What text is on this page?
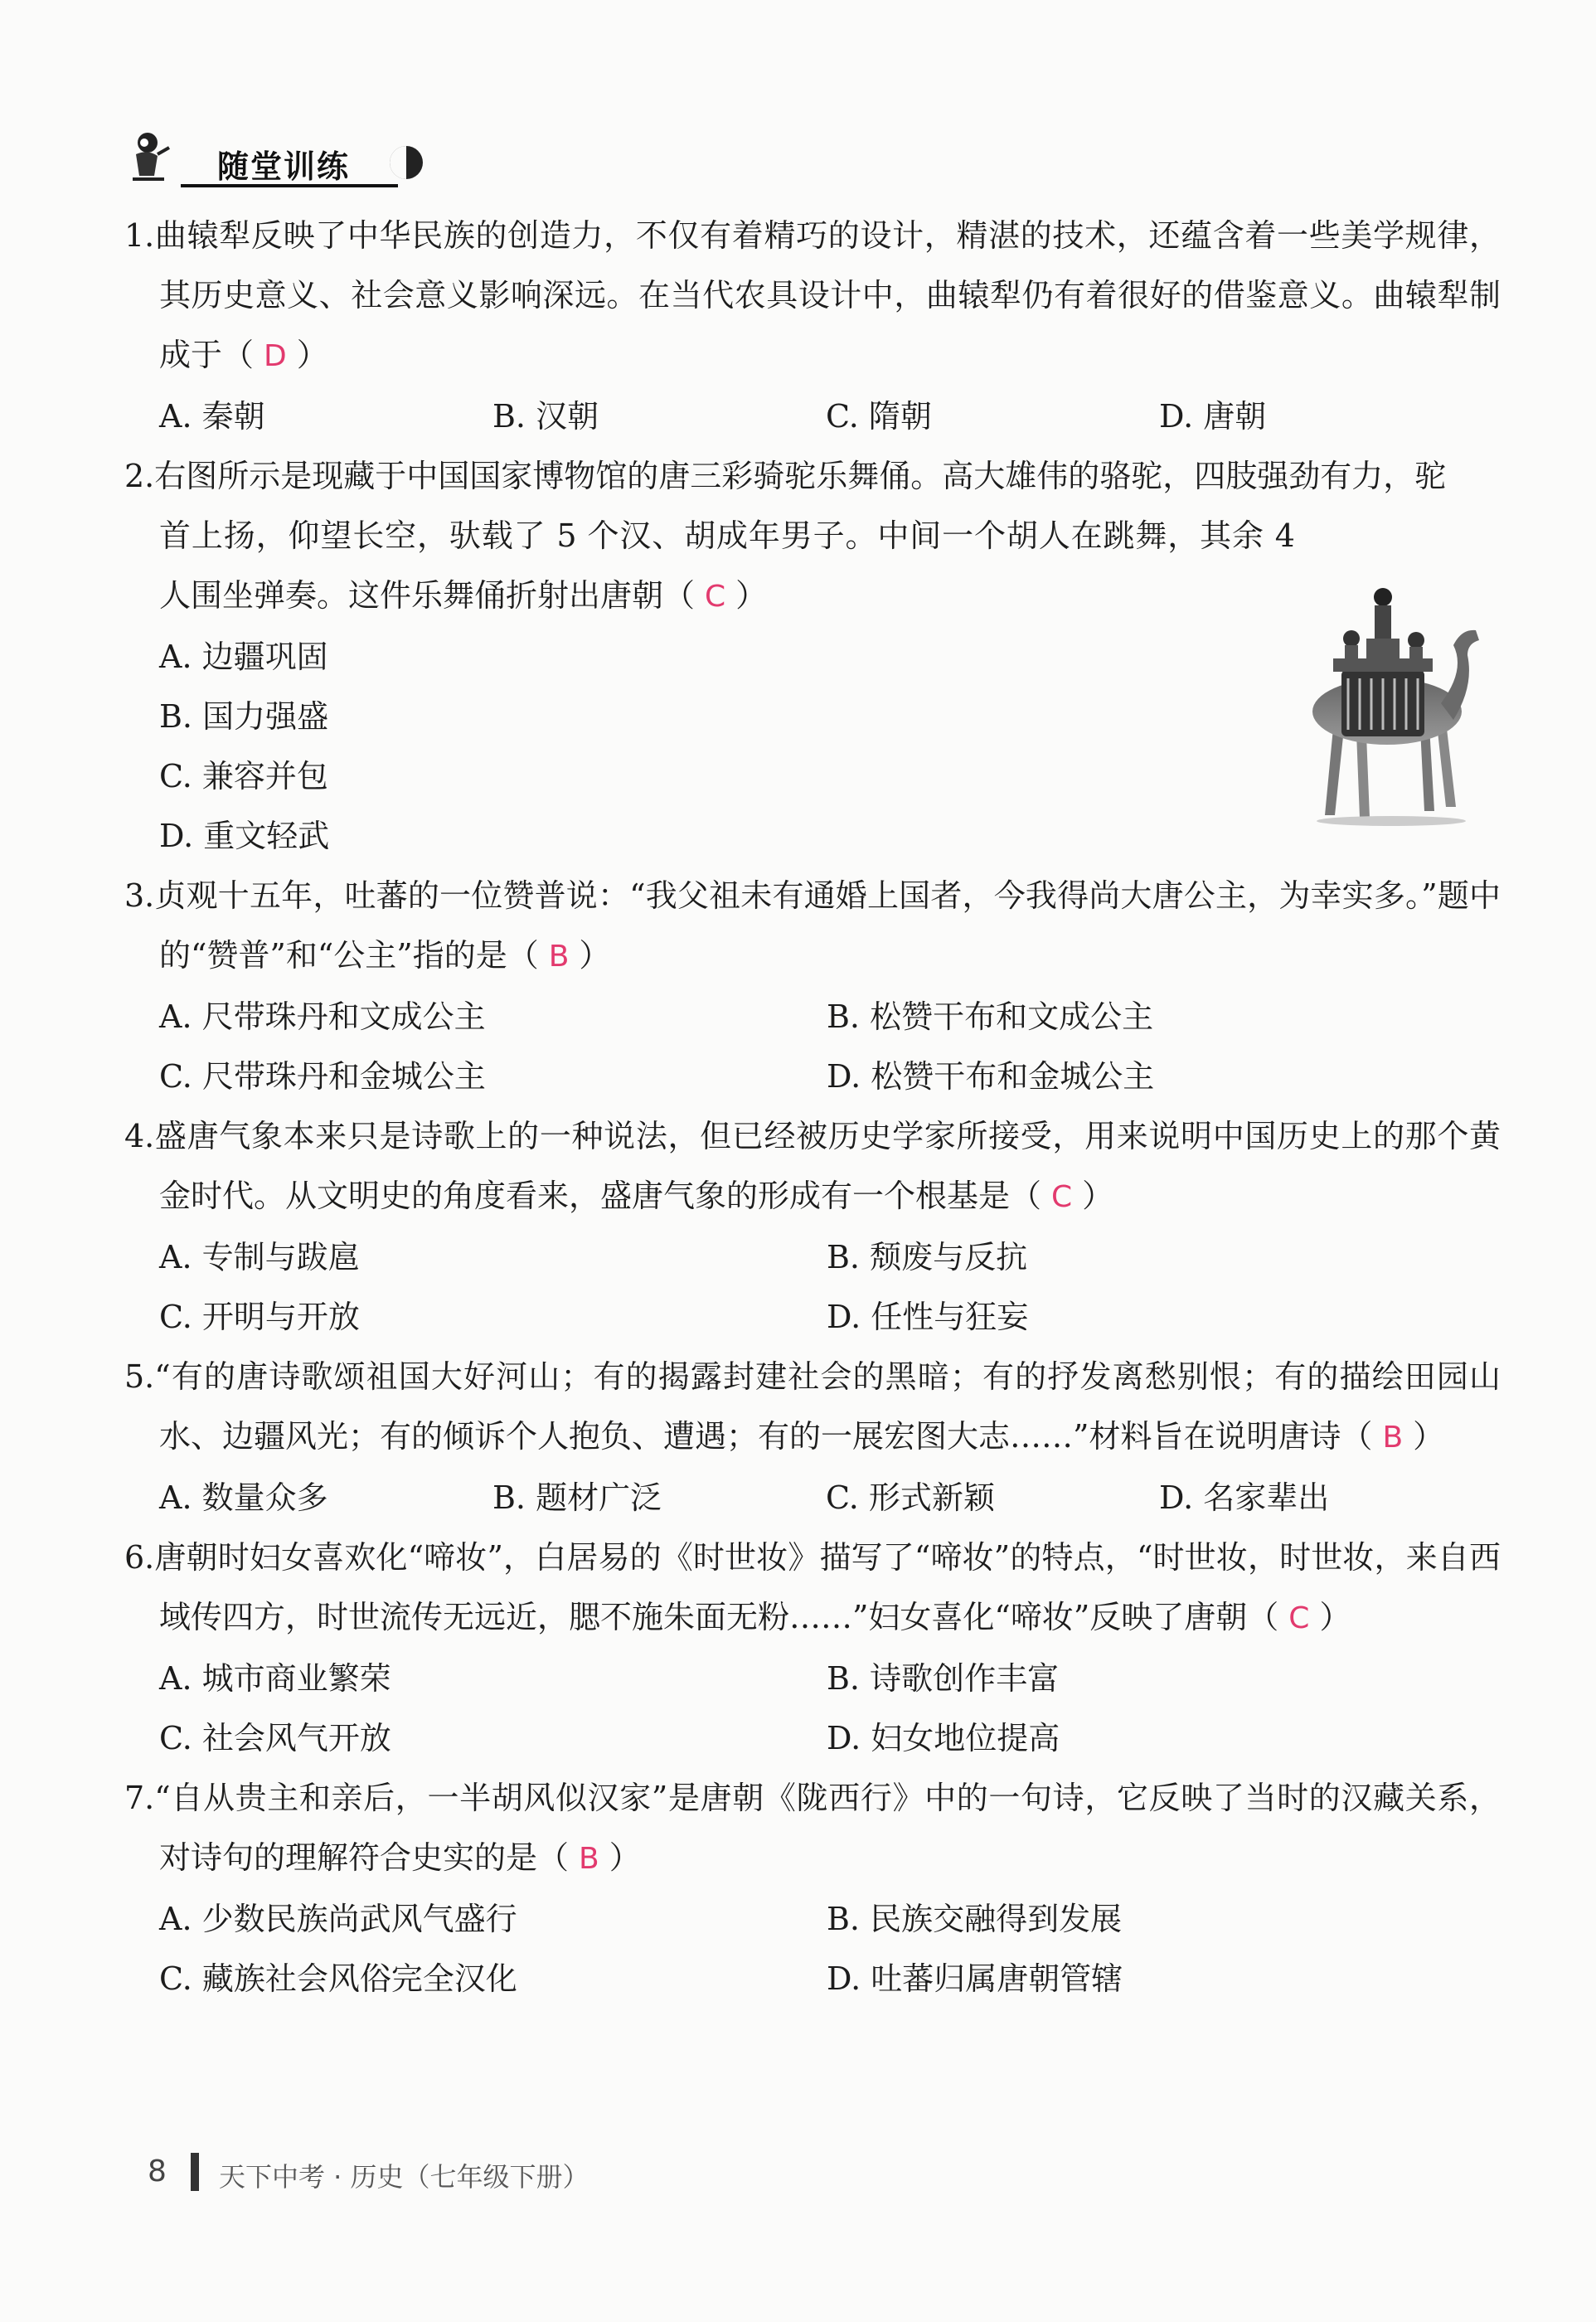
随堂训练
1.曲辕犁反映了中华民族的创造力，不仅有着精巧的设计，精湛的技术，还蕴含着一些美学规律，其历史意义、社会意义影响深远。在当代农具设计中，曲辕犁仍有着很好的借鉴意义。曲辕犁制成于（ D ）
A. 秦朝	B. 汉朝	C. 隋朝	D. 唐朝
2.右图所示是现藏于中国国家博物馆的唐三彩骑驼乐舞俑。高大雄伟的骆驼，四肢强劲有力，驼
首上扬，仰望长空，驮载了 5 个汉、胡成年男子。中间一个胡人在跳舞，其余 4 人围坐弹奏。这件乐舞俑折射出唐朝（ C ）
A. 边疆巩固
B. 国力强盛
C. 兼容并包
D. 重文轻武
3.贞观十五年，吐蕃的一位赞普说：“我父祖未有通婚上国者，今我得尚大唐公主，为幸实多。”题中的“赞普”和“公主”指的是（ B ）
A. 尺带珠丹和文成公主	B. 松赞干布和文成公主
C. 尺带珠丹和金城公主	D. 松赞干布和金城公主
4.盛唐气象本来只是诗歌上的一种说法，但已经被历史学家所接受，用来说明中国历史上的那个黄金时代。从文明史的角度看来，盛唐气象的形成有一个根基是（ C ）
A. 专制与跋扈	B. 颓废与反抗
C. 开明与开放	D. 任性与狂妄
5.“有的唐诗歌颂祖国大好河山；有的揭露封建社会的黑暗；有的抒发离愁别恨；有的描绘田园山水、边疆风光；有的倾诉个人抱负、遭遇；有的一展宏图大志……”材料旨在说明唐诗（ B ）
A. 数量众多	B. 题材广泛	C. 形式新颖	D. 名家辈出
6.唐朝时妇女喜欢化“啼妆”，白居易的《时世妆》描写了“啼妆”的特点，“时世妆，时世妆，来自西域传四方，时世流传无远近，腮不施朱面无粉……”妇女喜化“啼妆”反映了唐朝（ C ）
A. 城市商业繁荣	B. 诗歌创作丰富
C. 社会风气开放	D. 妇女地位提高
7.“自从贵主和亲后，一半胡风似汉家”是唐朝《陇西行》中的一句诗，它反映了当时的汉藏关系，对诗句的理解符合史实的是（ B ）
A. 少数民族尚武风气盛行	B. 民族交融得到发展
C. 藏族社会风俗完全汉化	D. 吐蕃归属唐朝管辖
8 天下中考 · 历史（七年级下册）
